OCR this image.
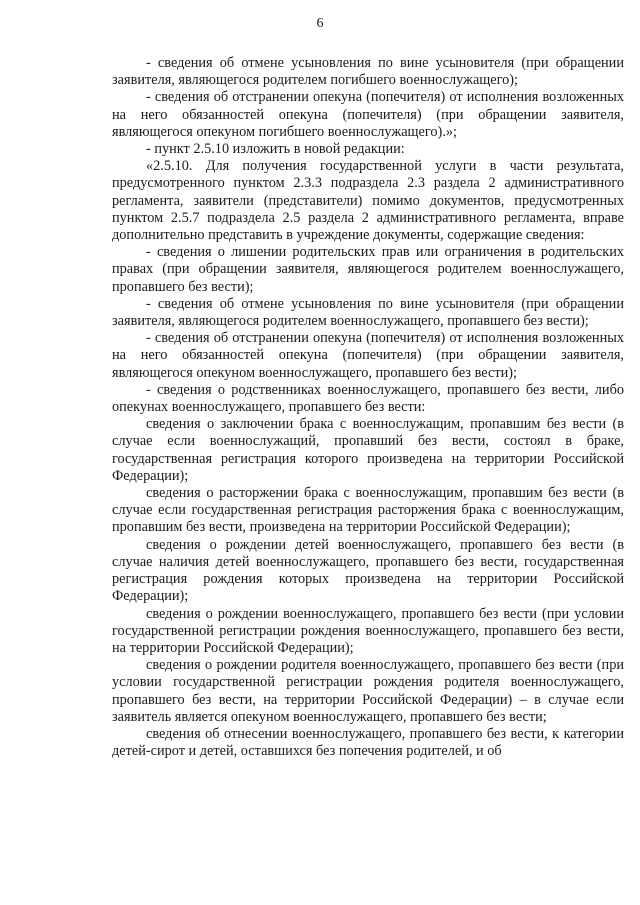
6

- сведения об отмене усыновления по вине усыновителя (при обращении заявителя, являющегося родителем погибшего военнослужащего);

- сведения об отстранении опекуна (попечителя) от исполнения возложенных на него обязанностей опекуна (попечителя) (при обращении заявителя, являющегося опекуном погибшего военнослужащего).»;

- пункт 2.5.10 изложить в новой редакции:

«2.5.10. Для получения государственной услуги в части результата, предусмотренного пунктом 2.3.3 подраздела 2.3 раздела 2 административного регламента, заявители (представители) помимо документов, предусмотренных пунктом 2.5.7 подраздела 2.5 раздела 2 административного регламента, вправе дополнительно представить в учреждение документы, содержащие сведения:

- сведения о лишении родительских прав или ограничения в родительских правах (при обращении заявителя, являющегося родителем военнослужащего, пропавшего без вести);

- сведения об отмене усыновления по вине усыновителя (при обращении заявителя, являющегося родителем военнослужащего, пропавшего без вести);

- сведения об отстранении опекуна (попечителя) от исполнения возложенных на него обязанностей опекуна (попечителя) (при обращении заявителя, являющегося опекуном военнослужащего, пропавшего без вести);

- сведения о родственниках военнослужащего, пропавшего без вести, либо опекунах военнослужащего, пропавшего без вести:

сведения о заключении брака с военнослужащим, пропавшим без вести (в случае если военнослужащий, пропавший без вести, состоял в браке, государственная регистрация которого произведена на территории Российской Федерации);

сведения о расторжении брака с военнослужащим, пропавшим без вести (в случае если государственная регистрация расторжения брака с военнослужащим, пропавшим без вести, произведена на территории Российской Федерации);

сведения о рождении детей военнослужащего, пропавшего без вести (в случае наличия детей военнослужащего, пропавшего без вести, государственная регистрация рождения которых произведена на территории Российской Федерации);

сведения о рождении военнослужащего, пропавшего без вести (при условии государственной регистрации рождения военнослужащего, пропавшего без вести, на территории Российской Федерации);

сведения о рождении родителя военнослужащего, пропавшего без вести (при условии государственной регистрации рождения родителя военнослужащего, пропавшего без вести, на территории Российской Федерации) – в случае если заявитель является опекуном военнослужащего, пропавшего без вести;

сведения об отнесении военнослужащего, пропавшего без вести, к категории детей-сирот и детей, оставшихся без попечения родителей, и об
